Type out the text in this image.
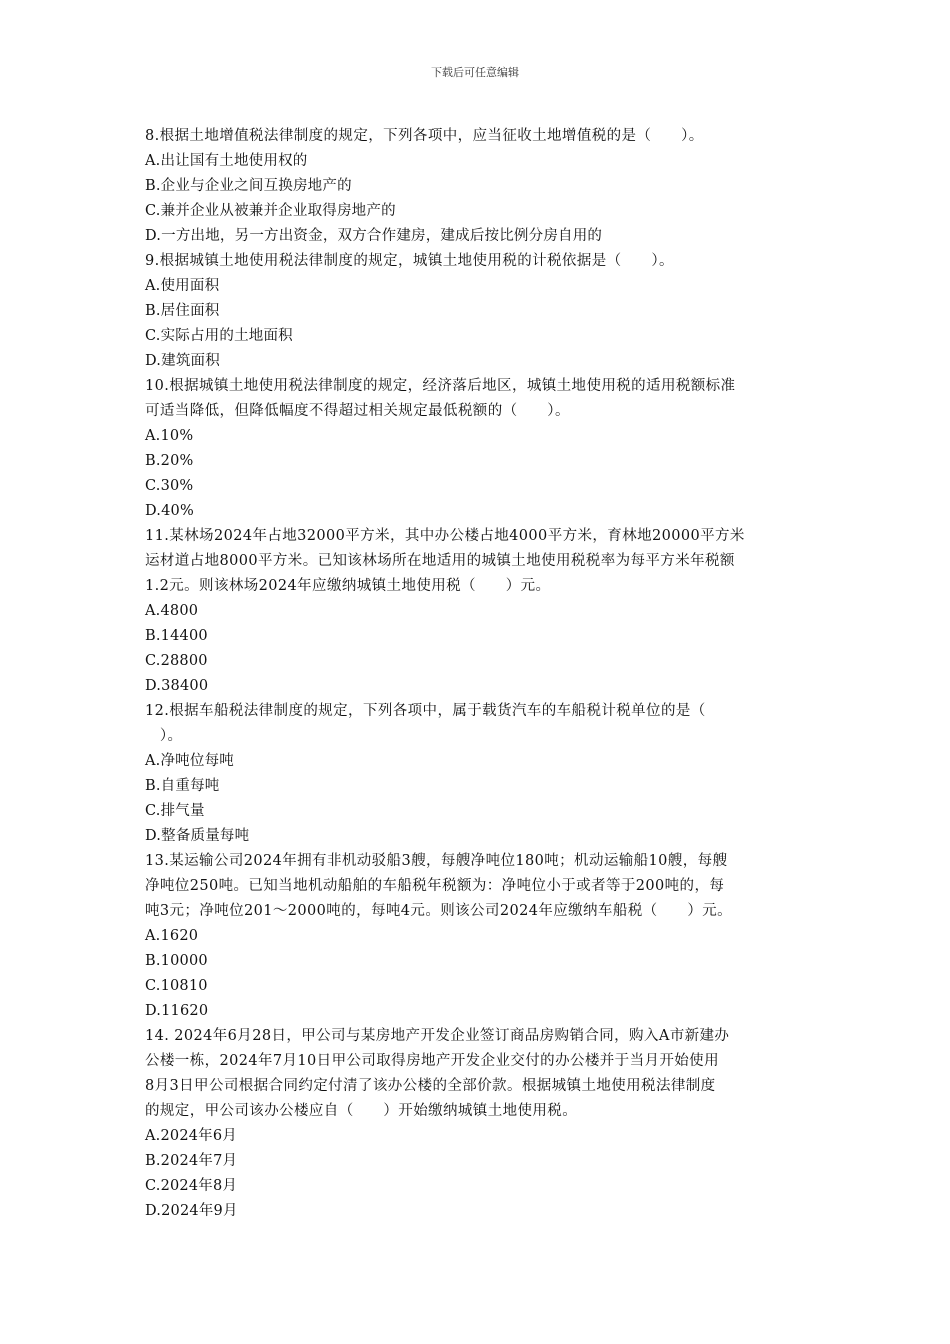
下载后可任意编辑
8.根据土地增值税法律制度的规定，下列各项中，应当征收土地增值税的是（　　）。
A.出让国有土地使用权的
B.企业与企业之间互换房地产的
C.兼并企业从被兼并企业取得房地产的
D.一方出地，另一方出资金，双方合作建房，建成后按比例分房自用的
9.根据城镇土地使用税法律制度的规定，城镇土地使用税的计税依据是（　　）。
A.使用面积
B.居住面积
C.实际占用的土地面积
D.建筑面积
10.根据城镇土地使用税法律制度的规定，经济落后地区，城镇土地使用税的适用税额标准
可适当降低，但降低幅度不得超过相关规定最低税额的（　　）。
A.10%
B.20%
C.30%
D.40%
11.某林场2024年占地32000平方米，其中办公楼占地4000平方米，育林地20000平方米
运材道占地8000平方米。已知该林场所在地适用的城镇土地使用税税率为每平方米年税额
1.2元。则该林场2024年应缴纳城镇土地使用税（　　）元。
A.4800
B.14400
C.28800
D.38400
12.根据车船税法律制度的规定，下列各项中，属于载货汽车的车船税计税单位的是（
　）。
A.净吨位每吨
B.自重每吨
C.排气量
D.整备质量每吨
13.某运输公司2024年拥有非机动驳船3艘，每艘净吨位180吨；机动运输船10艘，每艘
净吨位250吨。已知当地机动船舶的车船税年税额为：净吨位小于或者等于200吨的，每
吨3元；净吨位201～2000吨的，每吨4元。则该公司2024年应缴纳车船税（　　）元。
A.1620
B.10000
C.10810
D.11620
14. 2024年6月28日，甲公司与某房地产开发企业签订商品房购销合同，购入A市新建办
公楼一栋，2024年7月10日甲公司取得房地产开发企业交付的办公楼并于当月开始使用
8月3日甲公司根据合同约定付清了该办公楼的全部价款。根据城镇土地使用税法律制度
的规定，甲公司该办公楼应自（　　）开始缴纳城镇土地使用税。
A.2024年6月
B.2024年7月
C.2024年8月
D.2024年9月
